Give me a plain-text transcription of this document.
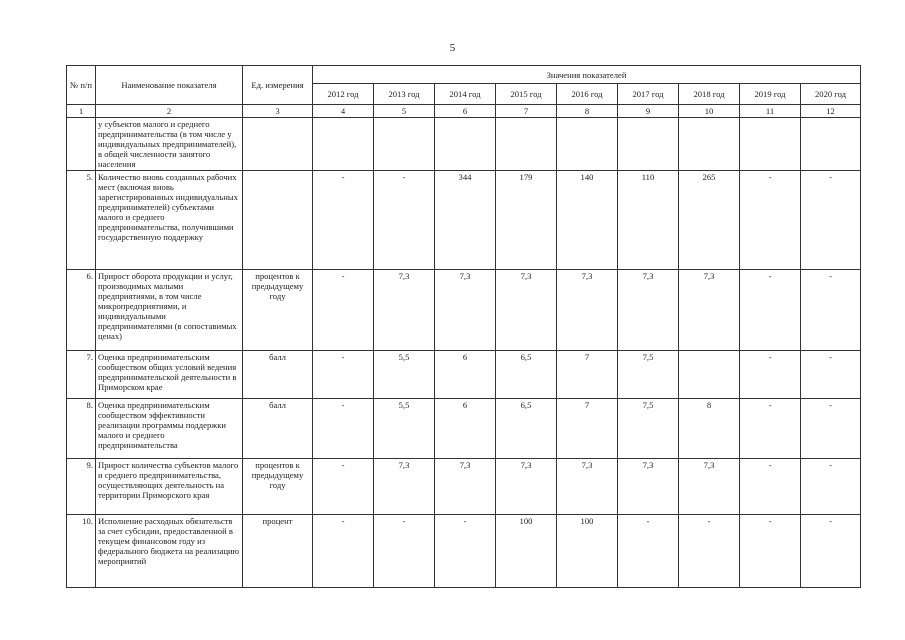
5
№ п/п	Наименование показателя	Ед. измерения	Значения показателей								
			2012 год	2013 год	2014 год	2015 год	2016 год	2017 год	2018 год	2019 год	2020 год
1	2	3	4	5	6	7	8	9	10	11	12
	у субъектов малого и среднего предпринимательства (в том числе у индивидуальных предпринимателей), в общей численности занятого населения										
5.	Количество вновь созданных рабочих мест (включая вновь зарегистрированных индивидуальных предпринимателей) субъектами малого и среднего предпринимательства, получившими государственную поддержку		-	-	344	179	140	110	265	-	-
6.	Прирост оборота продукции и услуг, производимых малыми предприятиями, в том числе микропредприятиями, и индивидуальными предпринимателями (в сопоставимых ценах)	процентов к предыдущему году	-	7,3	7,3	7,3	7,3	7,3	7,3	-	-
7.	Оценка предпринимательским сообществом общих условий ведения предпринимательской деятельности в Приморском крае	балл	-	5,5	6	6,5	7	7,5		-	-
8.	Оценка предпринимательским сообществом эффективности реализации программы поддержки малого и среднего предпринимательства	балл	-	5,5	6	6,5	7	7,5	8	-	-
9.	Прирост количества субъектов малого и среднего предпринимательства, осуществляющих деятельность на территории Приморского края	процентов к предыдущему году	-	7,3	7,3	7,3	7,3	7,3	7,3	-	-
10.	Исполнение расходных обязательств за счет субсидии, предоставленной в текущем финансовом году из федерального бюджета на реализацию мероприятий	процент	-	-	-	100	100	-	-	-	-
